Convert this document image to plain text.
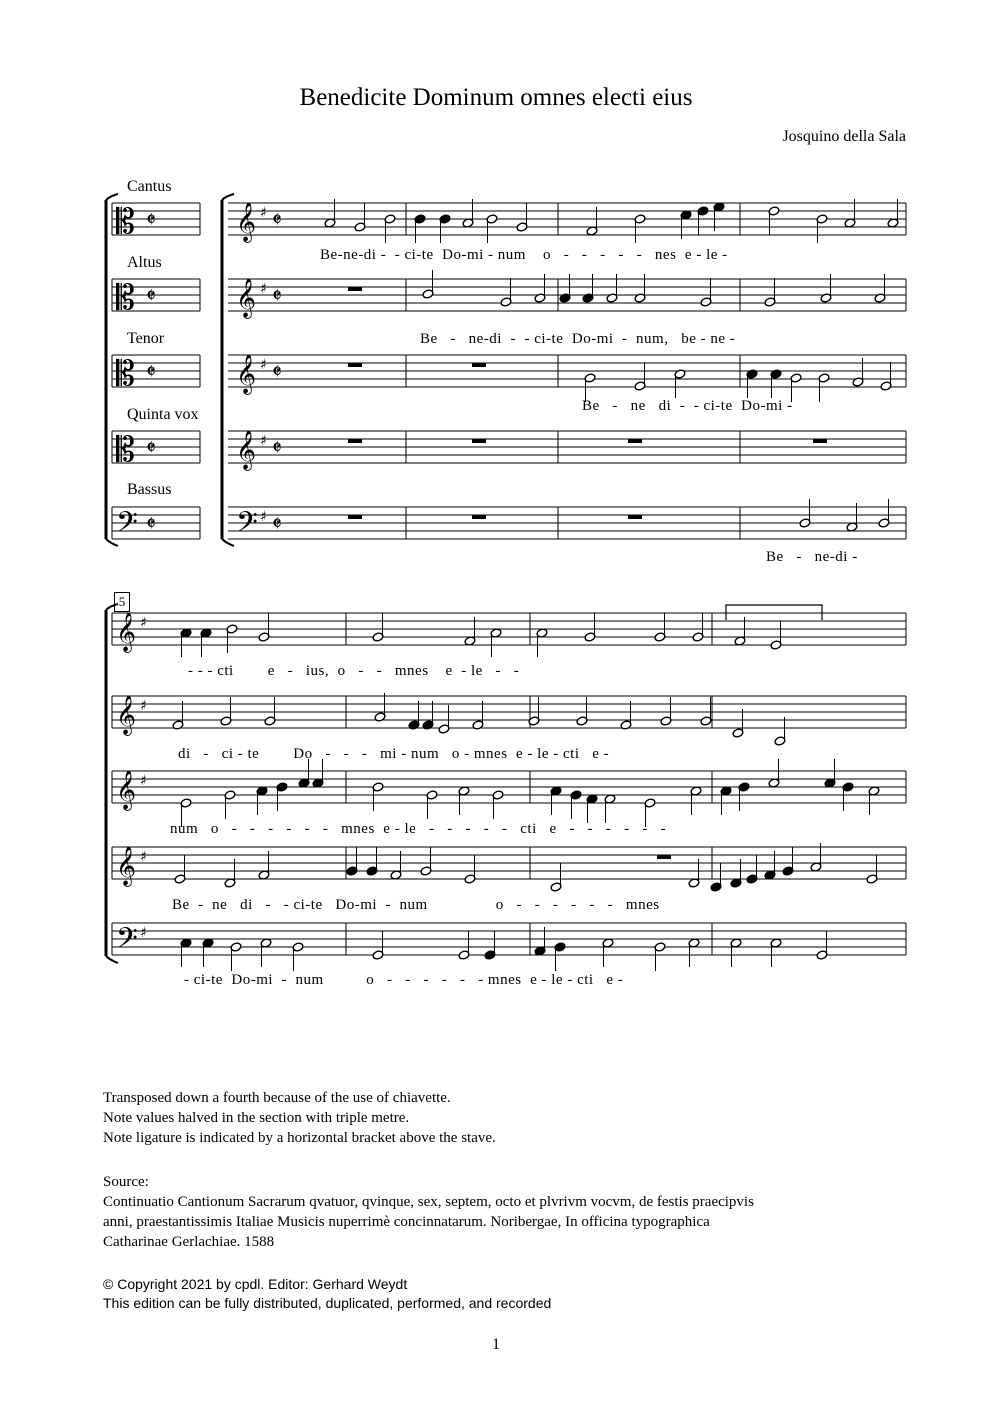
Benedicite Dominum omnes electi eius
Josquino della Sala
Cantus
Altus
Tenor
Quinta vox
Bassus
𝄡	𝄞
𝄵	𝄵
♯
𝄡	𝄞
𝄵	𝄵
♯
𝄡	𝄞
𝄵	𝄵
♯
𝄡	𝄞
𝄵	𝄵
♯
𝄢	𝄢
𝄵	𝄵
♯
𝄞 ♯
𝄞 ♯
𝄞 ♯
𝄞 ♯
𝄢 ♯
Be-ne-di -  - ci-te  Do-mi - num    o   -   -   -   -   -   nes  e - le -
Be   -   ne-di  -  - ci-te  Do-mi  -  num,   be - ne -
Be   -   ne   di  -  - ci-te  Do-mi -
Be   -   ne-di -
5
- - - cti        e   -   ius,  o   -   -   mnes    e  - le   -   -
di   -   ci - te        Do   -   -   -   mi - num   o - mnes  e - le - cti   e -
num   o   -   -   -   -   -   -   mnes  e - le   -   -   -   -   -   cti   e   -   -   -   -   -   -
Be  -  ne   di   -   - ci-te   Do-mi  -  num                o   -   -   -   -   -   -   mnes
- ci-te  Do-mi  -  num          o   -   -   -   -   -   - mnes  e - le - cti   e -
Transposed down a fourth because of the use of chiavette.
Note values halved in the section with triple metre.
Note ligature is indicated by a horizontal bracket above the stave.
Source:
Continuatio Cantionum Sacrarum qvatuor, qvinque, sex, septem, octo et plvrivm vocvm, de festis praecipvis
anni, praestantissimis Italiae Musicis nuperrimè concinnatarum. Noribergae, In officina typographica
Catharinae Gerlachiae. 1588
© Copyright 2021 by cpdl. Editor: Gerhard Weydt
This edition can be fully distributed, duplicated, performed, and recorded
1
